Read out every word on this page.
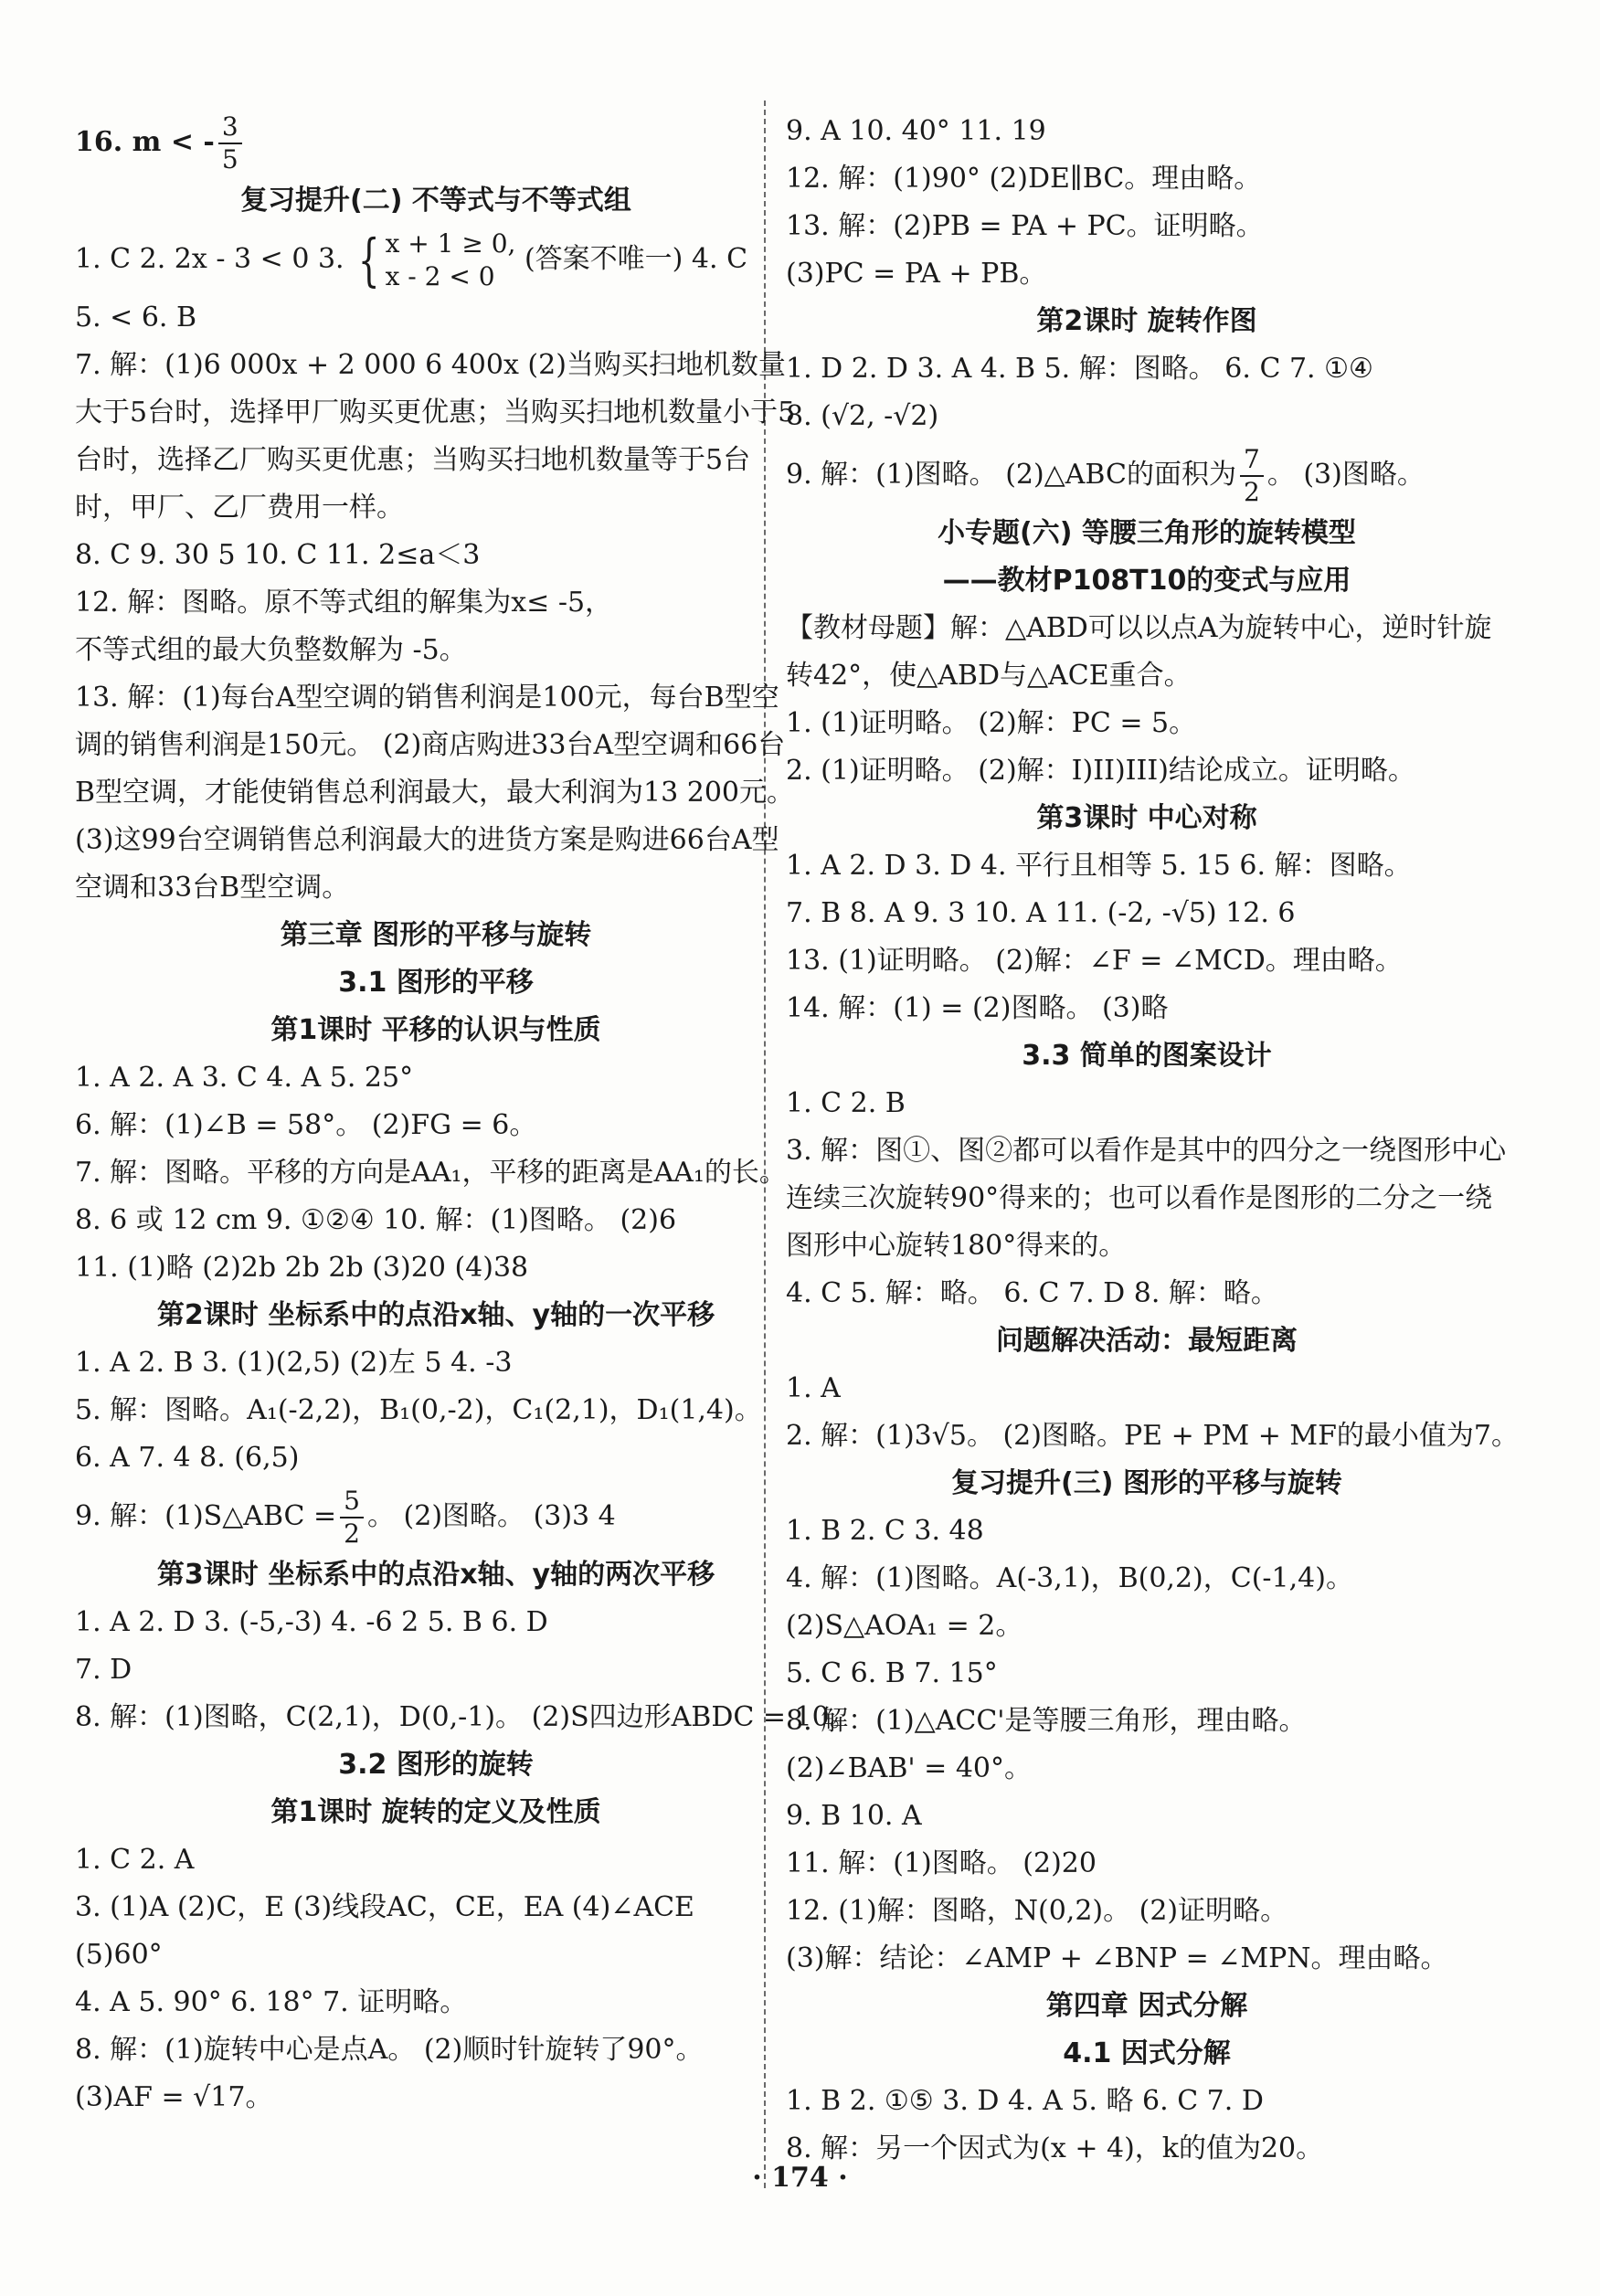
16. m < - $\frac{3}{5}$
复习提升(二) 不等式与不等式组
1. C 2. 2x - 3 < 0 3. { x + 1 ≥ 0,
x - 2 < 0
(答案不唯一) 4. C
5. < 6. B
7. 解：(1)6 000x + 2 000 6 400x (2)当购买扫地机数量大于5台时，选择甲厂购买更优惠；当购买扫地机数量小于5台时，选择乙厂购买更优惠；当购买扫地机数量等于5台时，甲厂、乙厂费用一样。
8. C 9. 30 5 10. C 11. 2≤a＜3
12. 解：图略。原不等式组的解集为x≤ -5，
不等式组的最大负整数解为 -5。
13. 解：(1)每台A型空调的销售利润是100元，每台B型空调的销售利润是150元。 (2)商店购进33台A型空调和66台B型空调，才能使销售总利润最大，最大利润为13 200元。 (3)这99台空调销售总利润最大的进货方案是购进66台A型空调和33台B型空调。
第三章 图形的平移与旋转
3.1 图形的平移
第1课时 平移的认识与性质
1. A 2. A 3. C 4. A 5. 25°
6. 解：(1)∠B = 58°。 (2)FG = 6。
7. 解：图略。平移的方向是AA₁，平移的距离是AA₁的长。
8. 6 或 12 cm 9. ①②④ 10. 解：(1)图略。 (2)6
11. (1)略 (2)2b 2b 2b (3)20 (4)38
第2课时 坐标系中的点沿x轴、y轴的一次平移
1. A 2. B 3. (1)(2,5) (2)左 5 4. -3
5. 解：图略。A₁(-2,2)，B₁(0,-2)，C₁(2,1)，D₁(1,4)。
6. A 7. 4 8. (6,5)
9. 解：(1)S△ABC = $\frac{5}{2}$ 。 (2)图略。 (3)3 4
第3课时 坐标系中的点沿x轴、y轴的两次平移
1. A 2. D 3. (-5,-3) 4. -6 2 5. B 6. D
7. D
8. 解：(1)图略，C(2,1)，D(0,-1)。 (2)S四边形ABDC = 10。
3.2 图形的旋转
第1课时 旋转的定义及性质
1. C 2. A
3. (1)A (2)C，E (3)线段AC，CE，EA (4)∠ACE
(5)60°
4. A 5. 90° 6. 18° 7. 证明略。
8. 解：(1)旋转中心是点A。 (2)顺时针旋转了90°。
(3)AF = √17。
9. A 10. 40° 11. 19
12. 解：(1)90° (2)DE∥BC。理由略。
13. 解：(2)PB = PA + PC。证明略。
(3)PC = PA + PB。
第2课时 旋转作图
1. D 2. D 3. A 4. B 5. 解：图略。 6. C 7. ①④
8. (√2, -√2)
9. 解：(1)图略。 (2)△ABC的面积为 $\frac{7}{2}$ 。 (3)图略。
小专题(六) 等腰三角形的旋转模型
——教材P108T10的变式与应用
【教材母题】解：△ABD可以以点A为旋转中心，逆时针旋转42°，使△ABD与△ACE重合。
1. (1)证明略。 (2)解：PC = 5。
2. (1)证明略。 (2)解：I)II)III)结论成立。证明略。
第3课时 中心对称
1. A 2. D 3. D 4. 平行且相等 5. 15 6. 解：图略。
7. B 8. A 9. 3 10. A 11. (-2, -√5) 12. 6
13. (1)证明略。 (2)解：∠F = ∠MCD。理由略。
14. 解：(1) = (2)图略。 (3)略
3.3 简单的图案设计
1. C 2. B
3. 解：图①、图②都可以看作是其中的四分之一绕图形中心连续三次旋转90°得来的；也可以看作是图形的二分之一绕图形中心旋转180°得来的。
4. C 5. 解：略。 6. C 7. D 8. 解：略。
问题解决活动：最短距离
1. A
2. 解：(1)3√5。 (2)图略。PE + PM + MF的最小值为7。
复习提升(三) 图形的平移与旋转
1. B 2. C 3. 48
4. 解：(1)图略。A(-3,1)，B(0,2)，C(-1,4)。
(2)S△AOA₁ = 2。
5. C 6. B 7. 15°
8. 解：(1)△ACC'是等腰三角形，理由略。
(2)∠BAB' = 40°。
9. B 10. A
11. 解：(1)图略。 (2)20
12. (1)解：图略，N(0,2)。 (2)证明略。
(3)解：结论：∠AMP + ∠BNP = ∠MPN。理由略。
第四章 因式分解
4.1 因式分解
1. B 2. ①⑤ 3. D 4. A 5. 略 6. C 7. D
8. 解：另一个因式为(x + 4)，k的值为20。
· 174 ·
